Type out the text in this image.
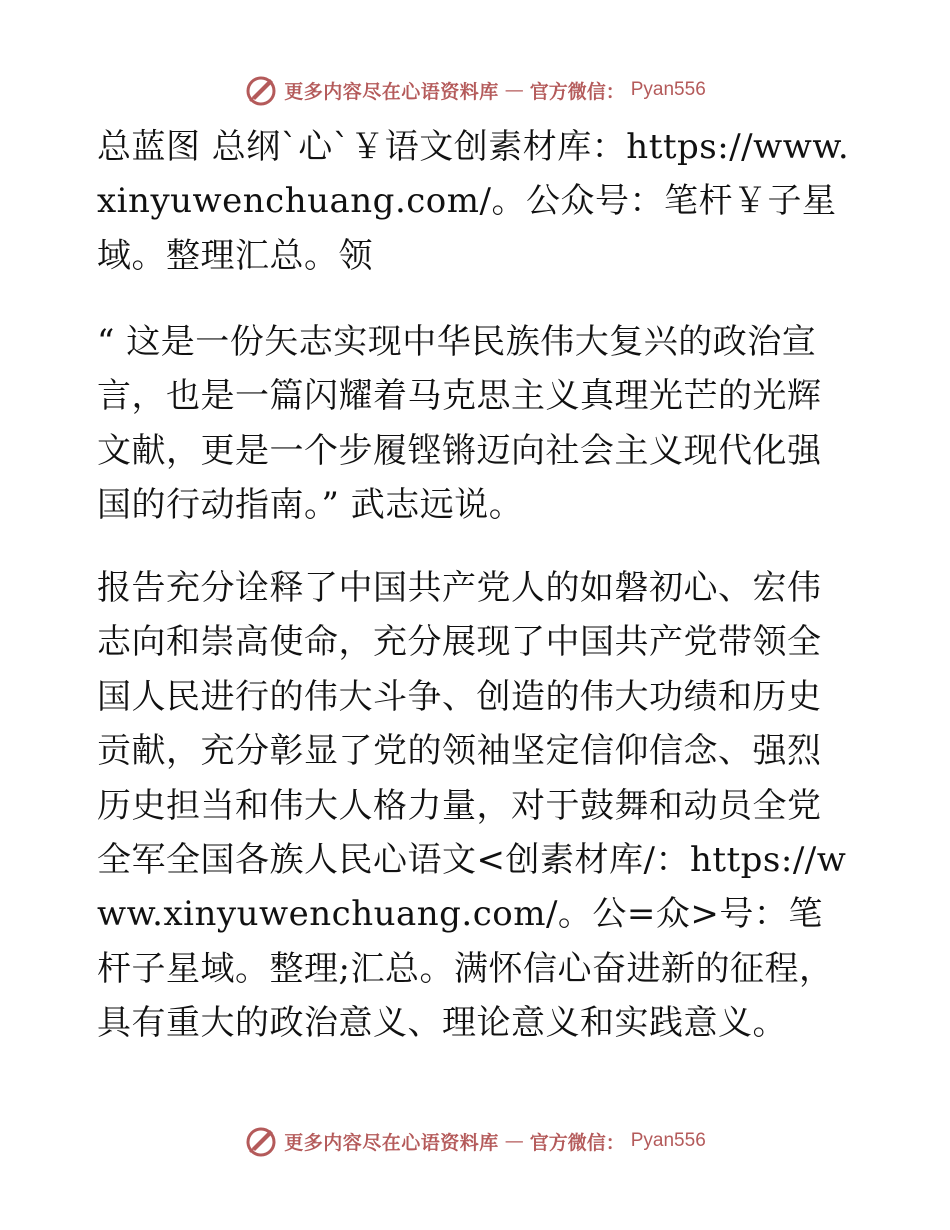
更多内容尽在心语资料库 — 官方微信： Pyan556

总蓝图 总纲`心`￥语文创素材库：https://www.xinyuwenchuang.com/。公众号：笔杆￥子星域。整理汇总。领

“ 这是一份矢志实现中华民族伟大复兴的政治宣言，也是一篇闪耀着马克思主义真理光芒的光辉文献，更是一个步履铿锵迈向社会主义现代化强国的行动指南。” 武志远说。

报告充分诠释了中国共产党人的如磐初心、宏伟志向和崇高使命，充分展现了中国共产党带领全国人民进行的伟大斗争、创造的伟大功绩和历史贡献，充分彰显了党的领袖坚定信仰信念、强烈历史担当和伟大人格力量，对于鼓舞和动员全党全军全国各族人民心语文<创素材库/：https://www.xinyuwenchuang.com/。公=众>号：笔杆子星域。整理;汇总。满怀信心奋进新的征程，具有重大的政治意义、理论意义和实践意义。

更多内容尽在心语资料库 — 官方微信： Pyan556
